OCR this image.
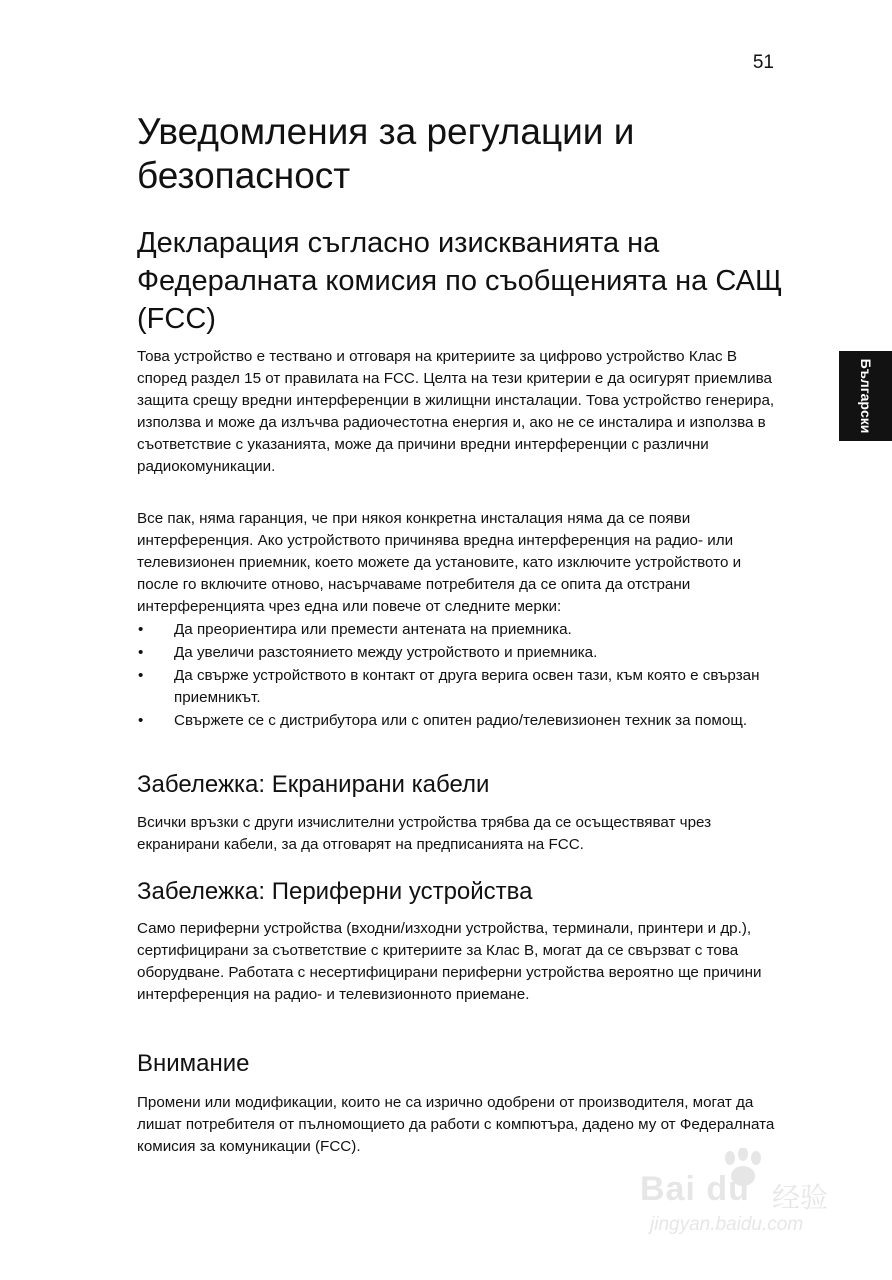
51
Български
Уведомления за регулации и безопасност
Декларация съгласно изискванията на Федералната комисия по съобщенията на САЩ (FCC)

Това устройство е тествано и отговаря на критериите за цифрово устройство Клас В според раздел 15 от правилата на FCC. Целта на тези критерии е да осигурят приемлива защита срещу вредни интерференции в жилищни инсталации. Това устройство генерира, използва и може да излъчва радиочестотна енергия и, ако не се инсталира и използва в съответствие с указанията, може да причини вредни интерференции с различни радиокомуникации.

Все пак, няма гаранция, че при някоя конкретна инсталация няма да се появи интерференция. Ако устройството причинява вредна интерференция на радио- или телевизионен приемник, което можете да установите, като изключите устройството и после го включите отново, насърчаваме потребителя да се опита да отстрани интерференцията чрез една или повече от следните мерки:

• Да преориентира или премести антената на приемника.
• Да увеличи разстоянието между устройството и приемника.
• Да свърже устройството в контакт от друга верига освен тази, към която е свързан приемникът.
• Свържете се с дистрибутора или с опитен радио/телевизионен техник за помощ.
Забележка: Екранирани кабели

Всички връзки с други изчислителни устройства трябва да се осъществяват чрез екранирани кабели, за да отговарят на предписанията на FCC.

Забележка: Периферни устройства

Само периферни устройства (входни/изходни устройства, терминали, принтери и др.), сертифицирани за съответствие с критериите за Клас B, могат да се свързват с това оборудване. Работата с несертифицирани периферни устройства вероятно ще причини интерференция на радио- и телевизионното приемане.

Внимание

Промени или модификации, които не са изрично одобрени от производителя, могат да лишат потребителя от пълномощието да работи с компютъра, дадено му от Федералната комисия за комуникации (FCC).

Bai du 经验
jingyan.baidu.com
